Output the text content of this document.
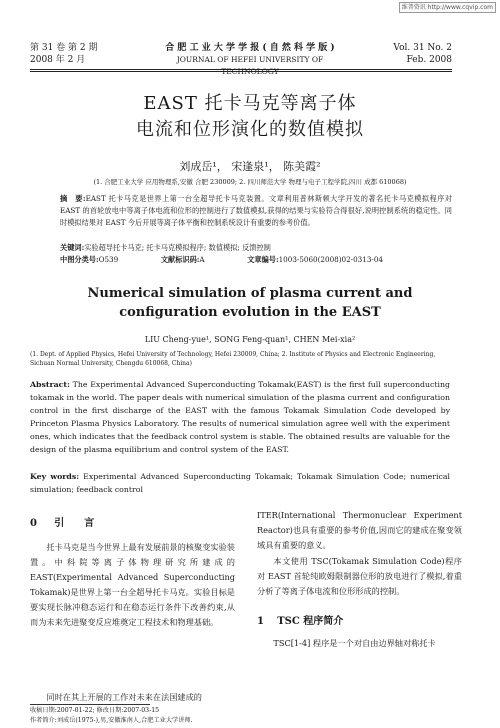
维普资讯 http://www.cqvip.com
第 31 卷 第 2 期
2008 年 2 月
合 肥 工 业 大 学 学 报 ( 自 然 科 学 版 )
JOURNAL OF HEFEI UNIVERSITY OF TECHNOLOGY
Vol. 31 No. 2
Feb. 2008
EAST 托卡马克等离子体
电流和位形演化的数值模拟
刘成岳¹， 宋逢泉¹， 陈美霞²
(1. 合肥工业大学 应用物理系,安徽 合肥 230009; 2. 四川师范大学 物理与电子工程学院,四川 成都 610068)
摘　要:EAST 托卡马克是世界上第一台全超导托卡马克装置。文章利用普林斯顿大学开发的著名托卡马克模拟程序对 EAST 的首轮放电中等离子体电流和位形的控制进行了数值模拟,获得的结果与实验符合得很好,说明控制系统的稳定性。同时模拟结果对 EAST 今后开展等离子体平衡和控制系统设计有重要的参考价值。
关键词:实验超导托卡马克; 托卡马克模拟程序; 数值模拟; 反馈控制
中图分类号:O539	文献标识码:A	文章编号:1003-5060(2008)02-0313-04
Numerical simulation of plasma current and
configuration evolution in the EAST
LIU Cheng-yue¹, SONG Feng-quan¹, CHEN Mei-xia²
(1. Dept. of Applied Physics, Hefei University of Technology, Hefei 230009, China; 2. Institute of Physics and Electronic Engineering,
Sichuan Normal University, Chengdu 610068, China)
Abstract: The Experimental Advanced Superconducting Tokamak(EAST) is the first full superconducting tokamak in the world. The paper deals with numerical simulation of the plasma current and configuration control in the first discharge of the EAST with the famous Tokamak Simulation Code developed by Princeton Plasma Physics Laboratory. The results of numerical simulation agree well with the experiment ones, which indicates that the feedback control system is stable. The obtained results are valuable for the design of the plasma equilibrium and control system of the EAST.
Key words: Experimental Advanced Superconducting Tokamak; Tokamak Simulation Code; numerical simulation; feedback control
0 引　　言
托卡马克是当今世界上最有发展前景的核聚变实验装置。中科院等离子体物理研究所建成的 EAST(Experimental Advanced Superconducting Tokamak)是世界上第一台全超导托卡马克。实验目标是要实现长脉冲稳态运行和在稳态运行条件下改善约束,从而为未来先进聚变反应堆奠定工程技术和物理基础。
同时在其上开展的工作对未来在法国建成的
ITER(International Thermonuclear Experiment Reactor)也具有重要的参考价值,因而它的建成在聚变领域具有重要的意义。
本文使用 TSC(Tokamak Simulation Code)程序对 EAST 首轮纯欧姆限制器位形的放电进行了模拟,着重分析了等离子体电流和位形形成的控制。
1 TSC 程序简介
TSC[1-4] 程序是一个对自由边界轴对称托卡
收稿日期:2007-01-22; 修改日期:2007-03-15
作者简介:刘成岳(1975-),男,安徽淮南人,合肥工业大学讲师.
